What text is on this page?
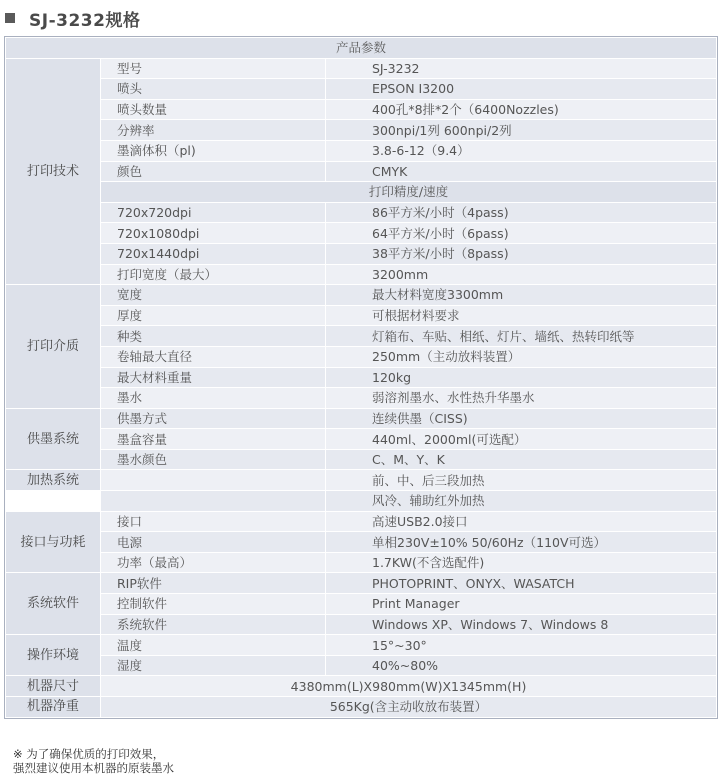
SJ-3232规格
产品参数		
打印技术	型号	SJ-3232
	喷头	EPSON I3200
	喷头数量	400孔*8排*2个（6400Nozzles)
	分辨率	300npi/1列 600npi/2列
	墨滴体积（pl)	3.8-6-12（9.4）
	颜色	CMYK
	打印精度/速度	
	720x720dpi	86平方米/小时（4pass)
	720x1080dpi	64平方米/小时（6pass)
	720x1440dpi	38平方米/小时（8pass)
	打印宽度（最大）	3200mm
打印介质	宽度	最大材料宽度3300mm
	厚度	可根据材料要求
	种类	灯箱布、车贴、相纸、灯片、墙纸、热转印纸等
	卷轴最大直径	250mm（主动放料装置）
	最大材料重量	120kg
	墨水	弱溶剂墨水、水性热升华墨水
供墨系统	供墨方式	连续供墨（CISS)
	墨盒容量	440ml、2000ml(可选配）
	墨水颜色	C、M、Y、K
加热系统		前、中、后三段加热
		风冷、辅助红外加热
接口与功耗	接口	高速USB2.0接口
	电源	单相230V±10% 50/60Hz（110V可选）
	功率（最高）	1.7KW(不含选配件)
系统软件	RIP软件	PHOTOPRINT、ONYX、WASATCH
	控制软件	Print Manager
	系统软件	Windows XP、Windows 7、Windows 8
操作环境	温度	15°~30°
	湿度	40%~80%
机器尺寸	4380mm(L)X980mm(W)X1345mm(H)	
机器净重	565Kg(含主动收放布装置）	
※ 为了确保优质的打印效果，
强烈建议使用本机器的原装墨水
